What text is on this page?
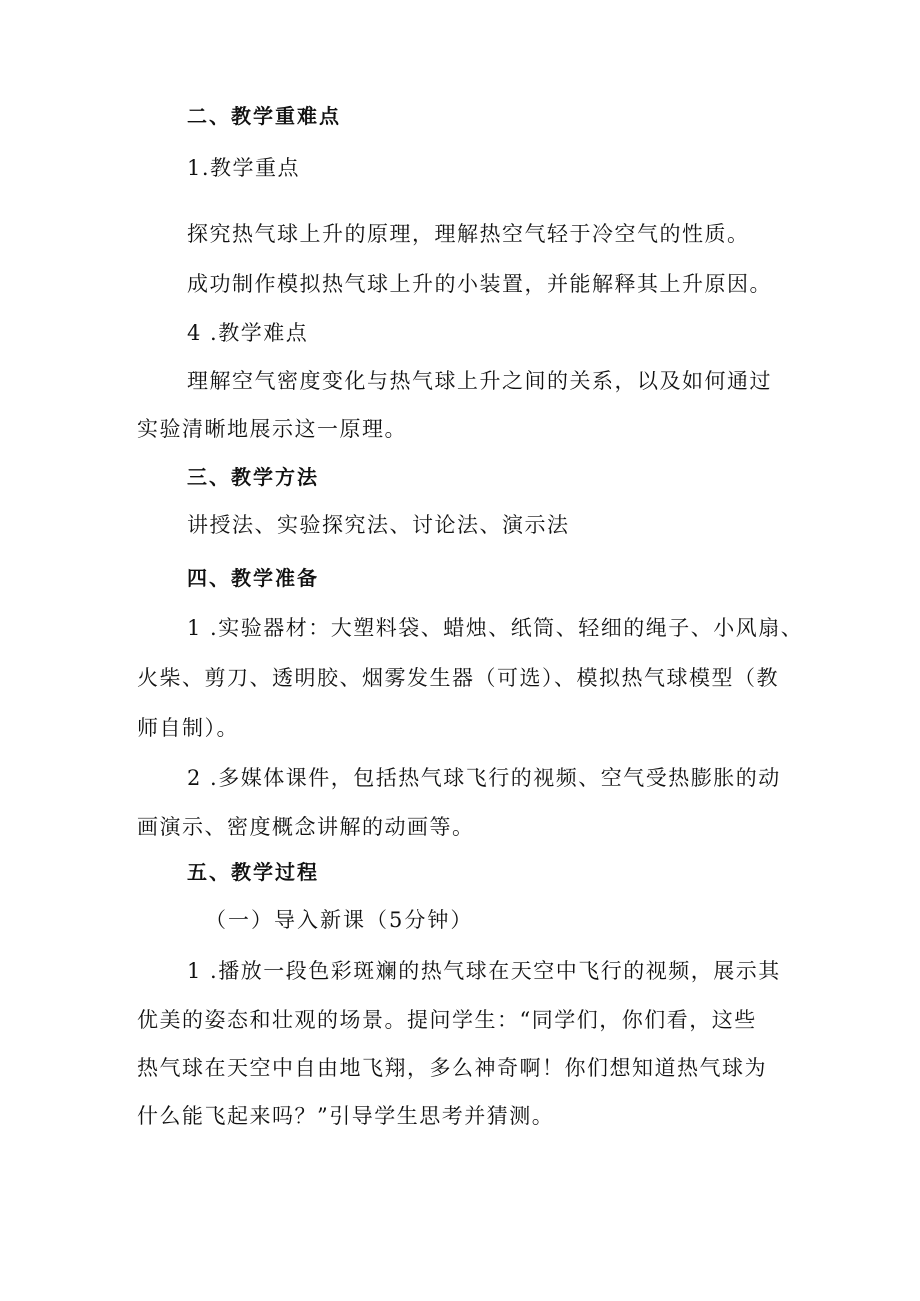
二、教学重难点

1.教学重点

探究热气球上升的原理，理解热空气轻于冷空气的性质。

成功制作模拟热气球上升的小装置，并能解释其上升原因。

4 .教学难点

理解空气密度变化与热气球上升之间的关系，以及如何通过

实验清晰地展示这一原理。

三、教学方法

讲授法、实验探究法、讨论法、演示法

四、教学准备

1 .实验器材：大塑料袋、蜡烛、纸筒、轻细的绳子、小风扇、

火柴、剪刀、透明胶、烟雾发生器（可选）、模拟热气球模型（教

师自制）。

2 .多媒体课件，包括热气球飞行的视频、空气受热膨胀的动

画演示、密度概念讲解的动画等。

五、教学过程

（一）导入新课（5分钟）

1 .播放一段色彩斑斓的热气球在天空中飞行的视频，展示其

优美的姿态和壮观的场景。提问学生：“同学们，你们看，这些

热气球在天空中自由地飞翔，多么神奇啊！你们想知道热气球为

什么能飞起来吗？”引导学生思考并猜测。
